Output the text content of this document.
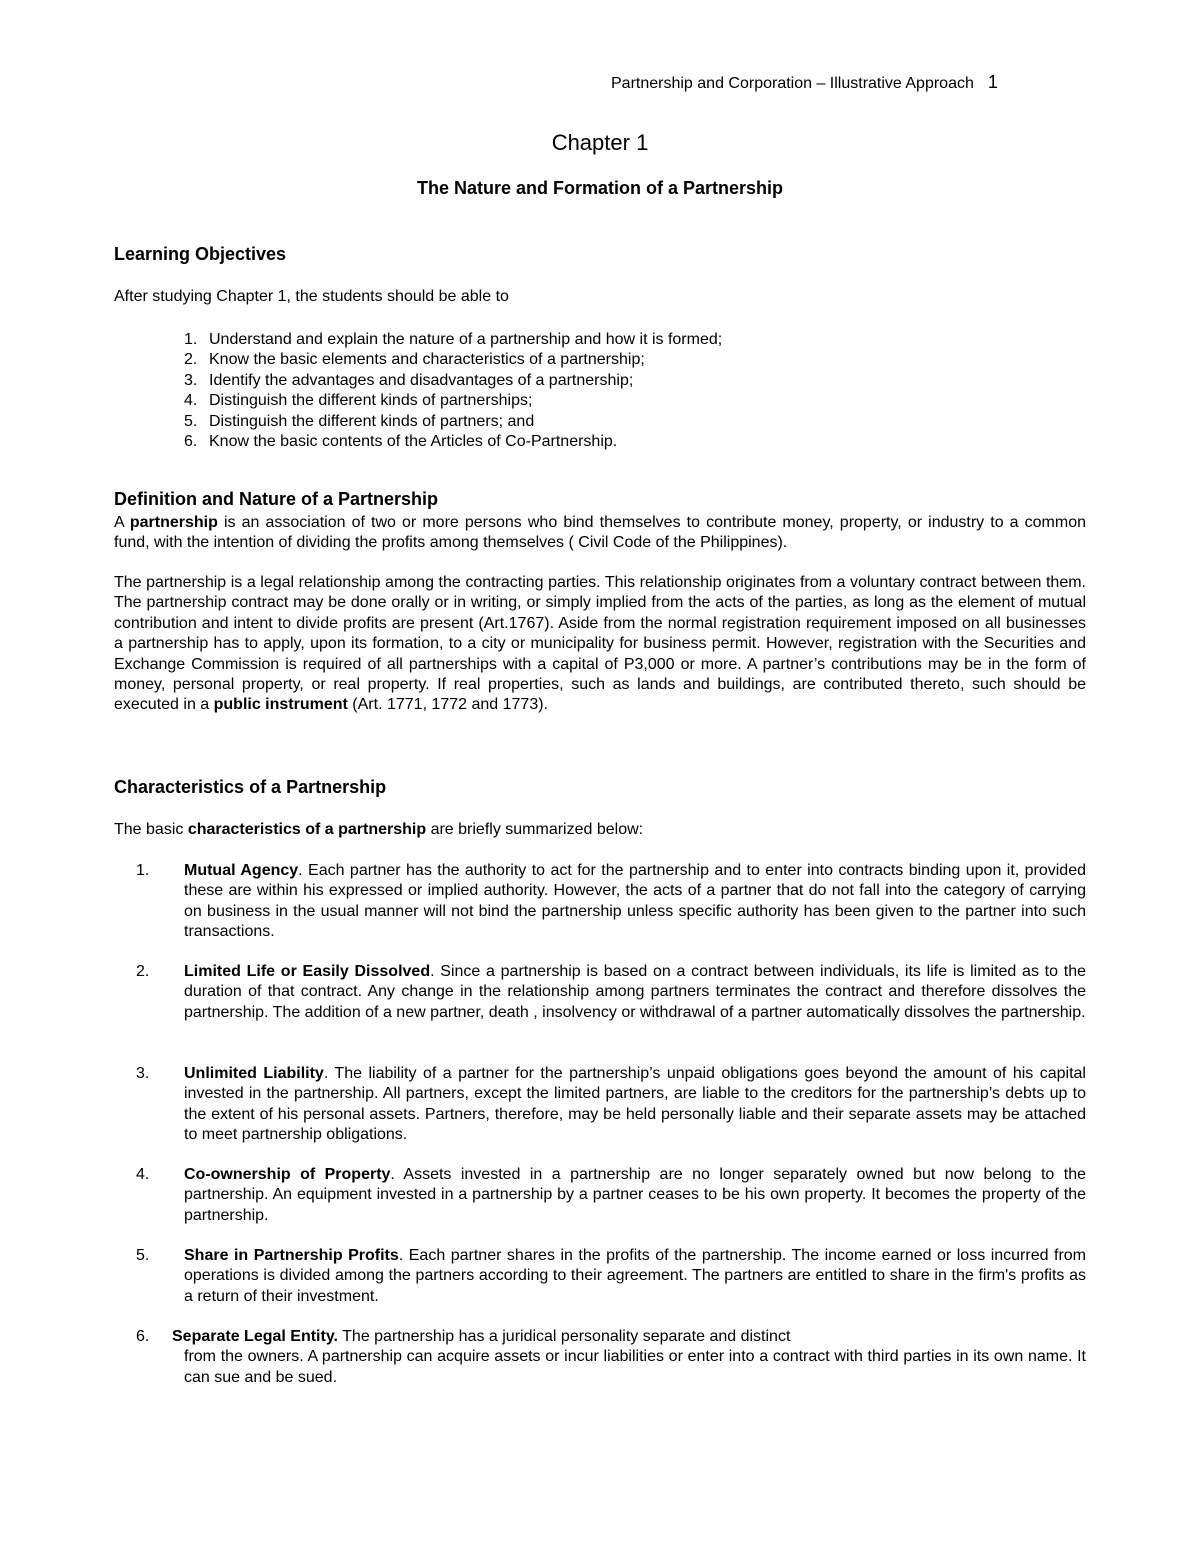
Partnership and Corporation – Illustrative Approach 1
Chapter 1
The Nature and Formation of a Partnership
Learning Objectives
After studying Chapter 1, the students should be able to
1. Understand and explain the nature of a partnership and how it is formed;
2. Know the basic elements and characteristics of a partnership;
3. Identify the advantages and disadvantages of a partnership;
4. Distinguish the different kinds of partnerships;
5. Distinguish the different kinds of partners; and
6. Know the basic contents of the Articles of Co-Partnership.
Definition and Nature of a Partnership
A partnership is an association of two or more persons who bind themselves to contribute money, property, or industry to a common fund, with the intention of dividing the profits among themselves ( Civil Code of the Philippines).
The partnership is a legal relationship among the contracting parties. This relationship originates from a voluntary contract between them. The partnership contract may be done orally or in writing, or simply implied from the acts of the parties, as long as the element of mutual contribution and intent to divide profits are present (Art.1767). Aside from the normal registration requirement imposed on all businesses a partnership has to apply, upon its formation, to a city or municipality for business permit. However, registration with the Securities and Exchange Commission is required of all partnerships with a capital of P3,000 or more. A partner’s contributions may be in the form of money, personal property, or real property. If real properties, such as lands and buildings, are contributed thereto, such should be executed in a public instrument (Art. 1771, 1772 and 1773).
Characteristics of a Partnership
The basic characteristics of a partnership are briefly summarized below:
1. Mutual Agency. Each partner has the authority to act for the partnership and to enter into contracts binding upon it, provided these are within his expressed or implied authority. However, the acts of a partner that do not fall into the category of carrying on business in the usual manner will not bind the partnership unless specific authority has been given to the partner into such transactions.
2. Limited Life or Easily Dissolved. Since a partnership is based on a contract between individuals, its life is limited as to the duration of that contract. Any change in the relationship among partners terminates the contract and therefore dissolves the partnership. The addition of a new partner, death , insolvency or withdrawal of a partner automatically dissolves the partnership.
3. Unlimited Liability. The liability of a partner for the partnership’s unpaid obligations goes beyond the amount of his capital invested in the partnership. All partners, except the limited partners, are liable to the creditors for the partnership’s debts up to the extent of his personal assets. Partners, therefore, may be held personally liable and their separate assets may be attached to meet partnership obligations.
4. Co-ownership of Property. Assets invested in a partnership are no longer separately owned but now belong to the partnership. An equipment invested in a partnership by a partner ceases to be his own property. It becomes the property of the partnership.
5. Share in Partnership Profits. Each partner shares in the profits of the partnership. The income earned or loss incurred from operations is divided among the partners according to their agreement. The partners are entitled to share in the firm's profits as a return of their investment.
6. Separate Legal Entity. The partnership has a juridical personality separate and distinct
from the owners. A partnership can acquire assets or incur liabilities or enter into a contract with third parties in its own name. It can sue and be sued.
